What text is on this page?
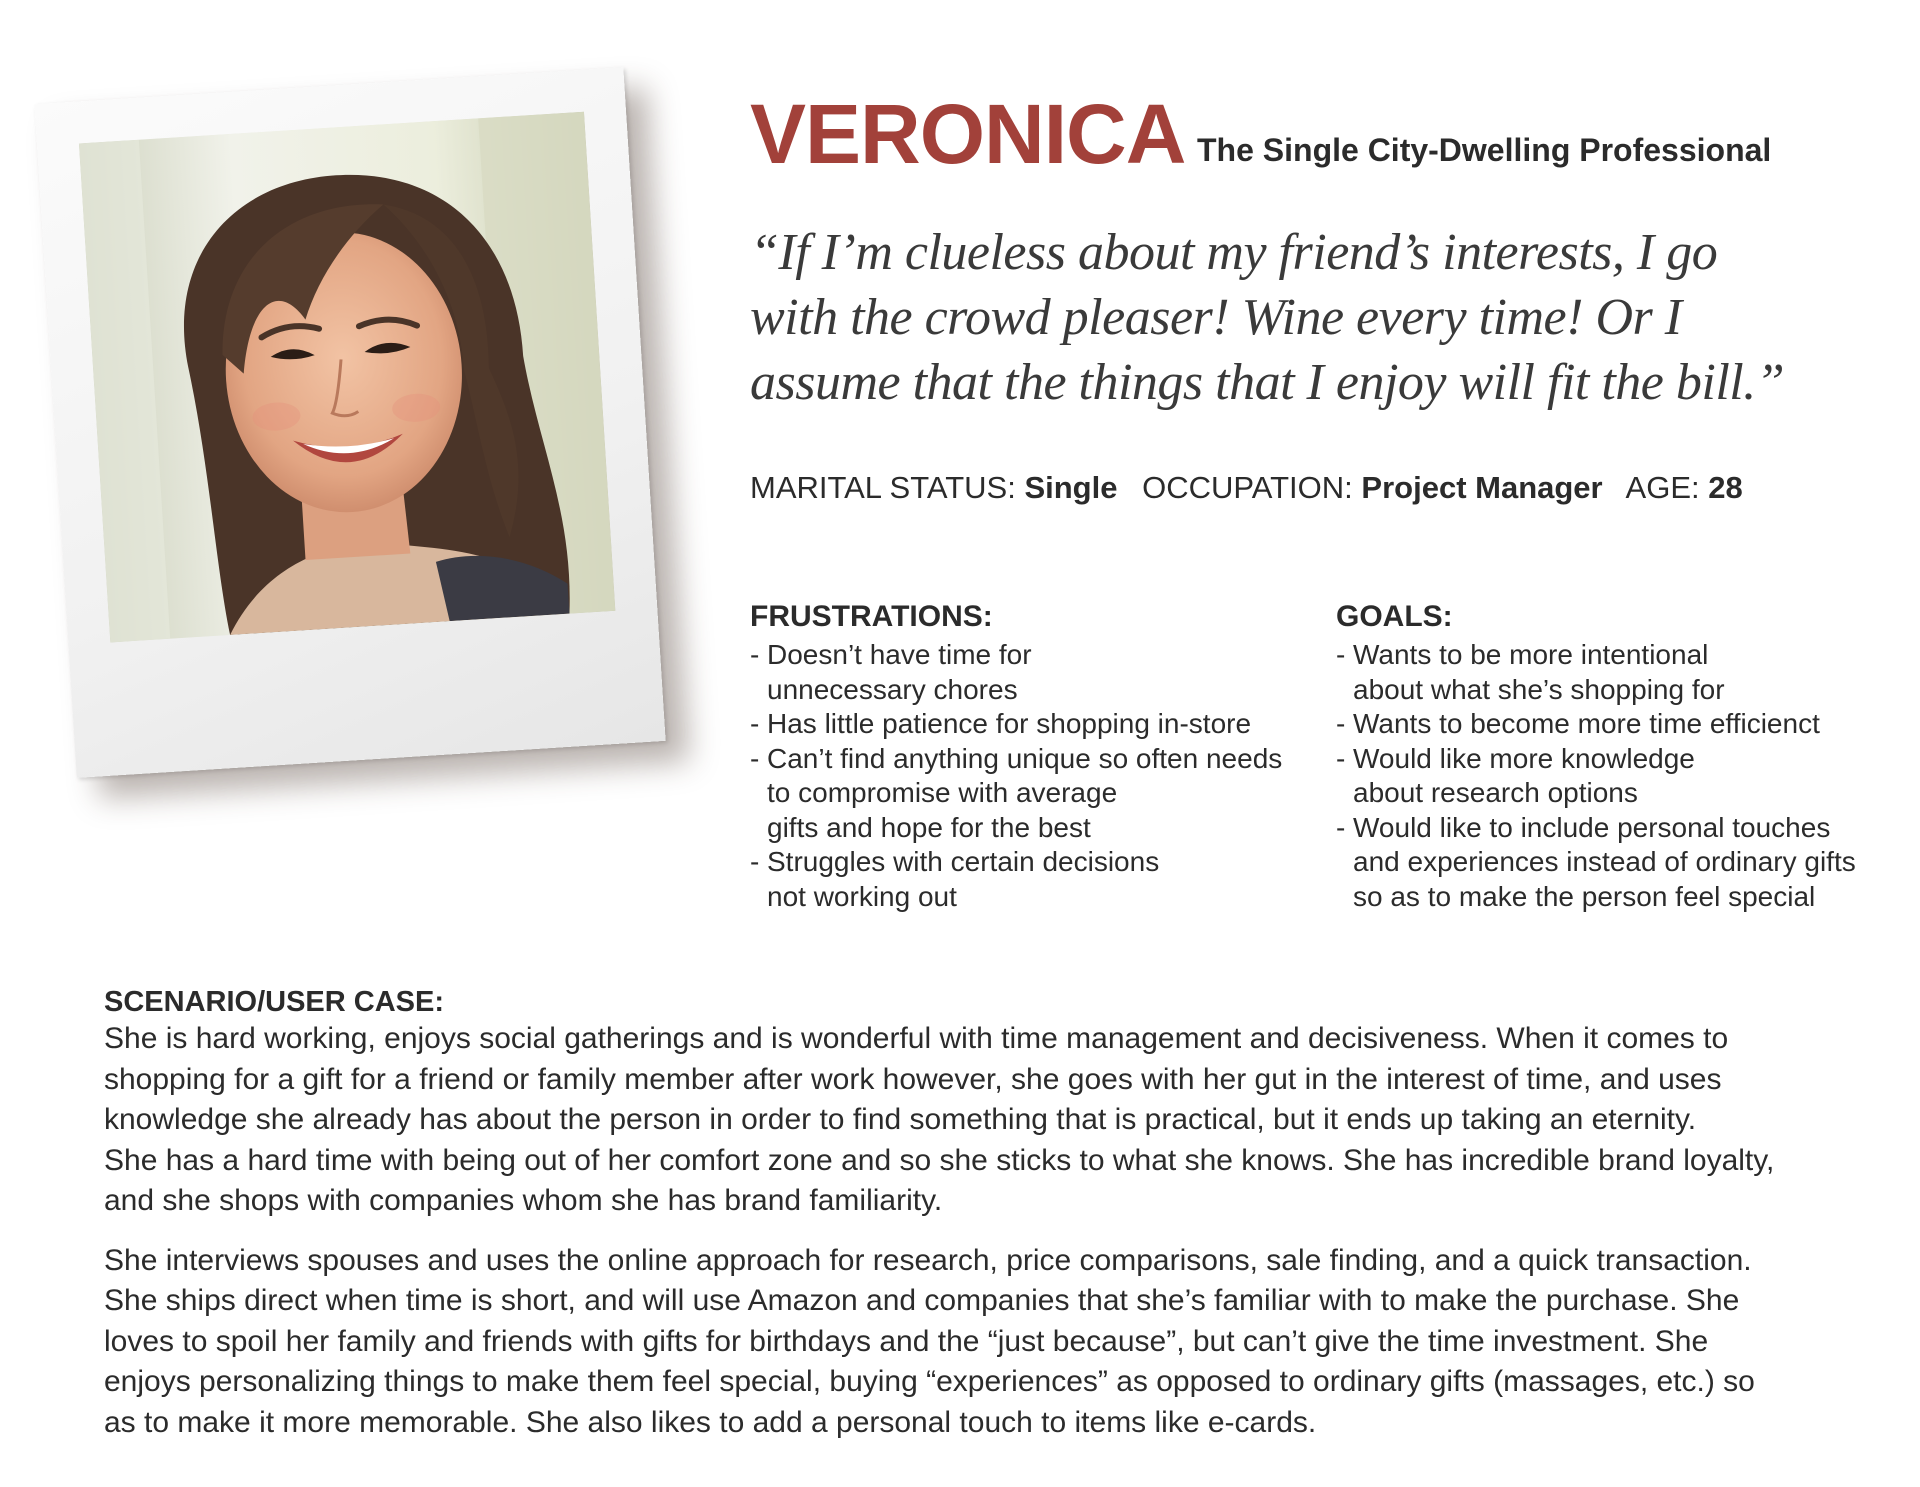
VERONICA The Single City-Dwelling Professional
“If I’m clueless about my friend’s interests, I go
with the crowd pleaser! Wine every time! Or I
assume that the things that I enjoy will fit the bill.”
MARITAL STATUS: Single OCCUPATION: Project Manager AGE: 28
FRUSTRATIONS:
- Doesn’t have time for
unnecessary chores
- Has little patience for shopping in-store
- Can’t find anything unique so often needs
to compromise with average
gifts and hope for the best
- Struggles with certain decisions
not working out
GOALS:
- Wants to be more intentional
about what she’s shopping for
- Wants to become more time efficienct
- Would like more knowledge
about research options
- Would like to include personal touches
and experiences instead of ordinary gifts
so as to make the person feel special
SCENARIO/USER CASE:

She is hard working, enjoys social gatherings and is wonderful with time management and decisiveness. When it comes to
shopping for a gift for a friend or family member after work however, she goes with her gut in the interest of time, and uses
knowledge she already has about the person in order to find something that is practical, but it ends up taking an eternity.
She has a hard time with being out of her comfort zone and so she sticks to what she knows. She has incredible brand loyalty,
and she shops with companies whom she has brand familiarity.

She interviews spouses and uses the online approach for research, price comparisons, sale finding, and a quick transaction.
She ships direct when time is short, and will use Amazon and companies that she’s familiar with to make the purchase. She
loves to spoil her family and friends with gifts for birthdays and the “just because”, but can’t give the time investment. She
enjoys personalizing things to make them feel special, buying “experiences” as opposed to ordinary gifts (massages, etc.) so
as to make it more memorable. She also likes to add a personal touch to items like e-cards.
